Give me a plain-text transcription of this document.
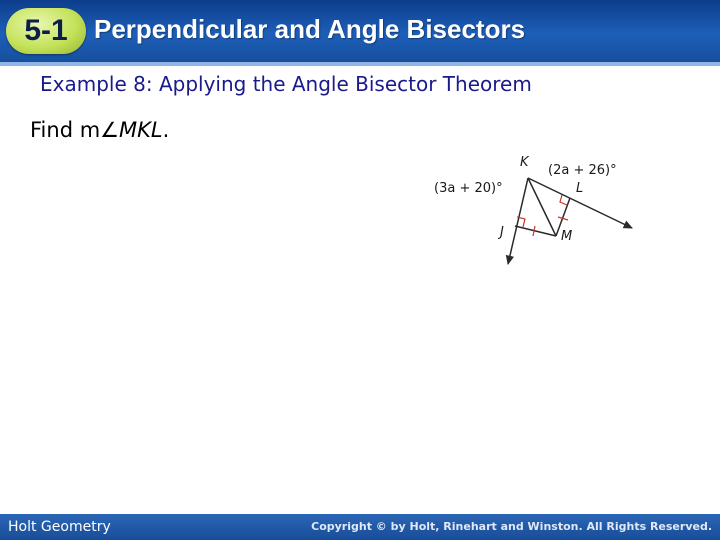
5-1	Perpendicular and Angle Bisectors
Example 8: Applying the Angle Bisector Theorem
Find m∠MKL.
K
L
J	M
(2a + 26)°
(3a + 20)°
Holt Geometry	Copyright © by Holt, Rinehart and Winston. All Rights Reserved.
